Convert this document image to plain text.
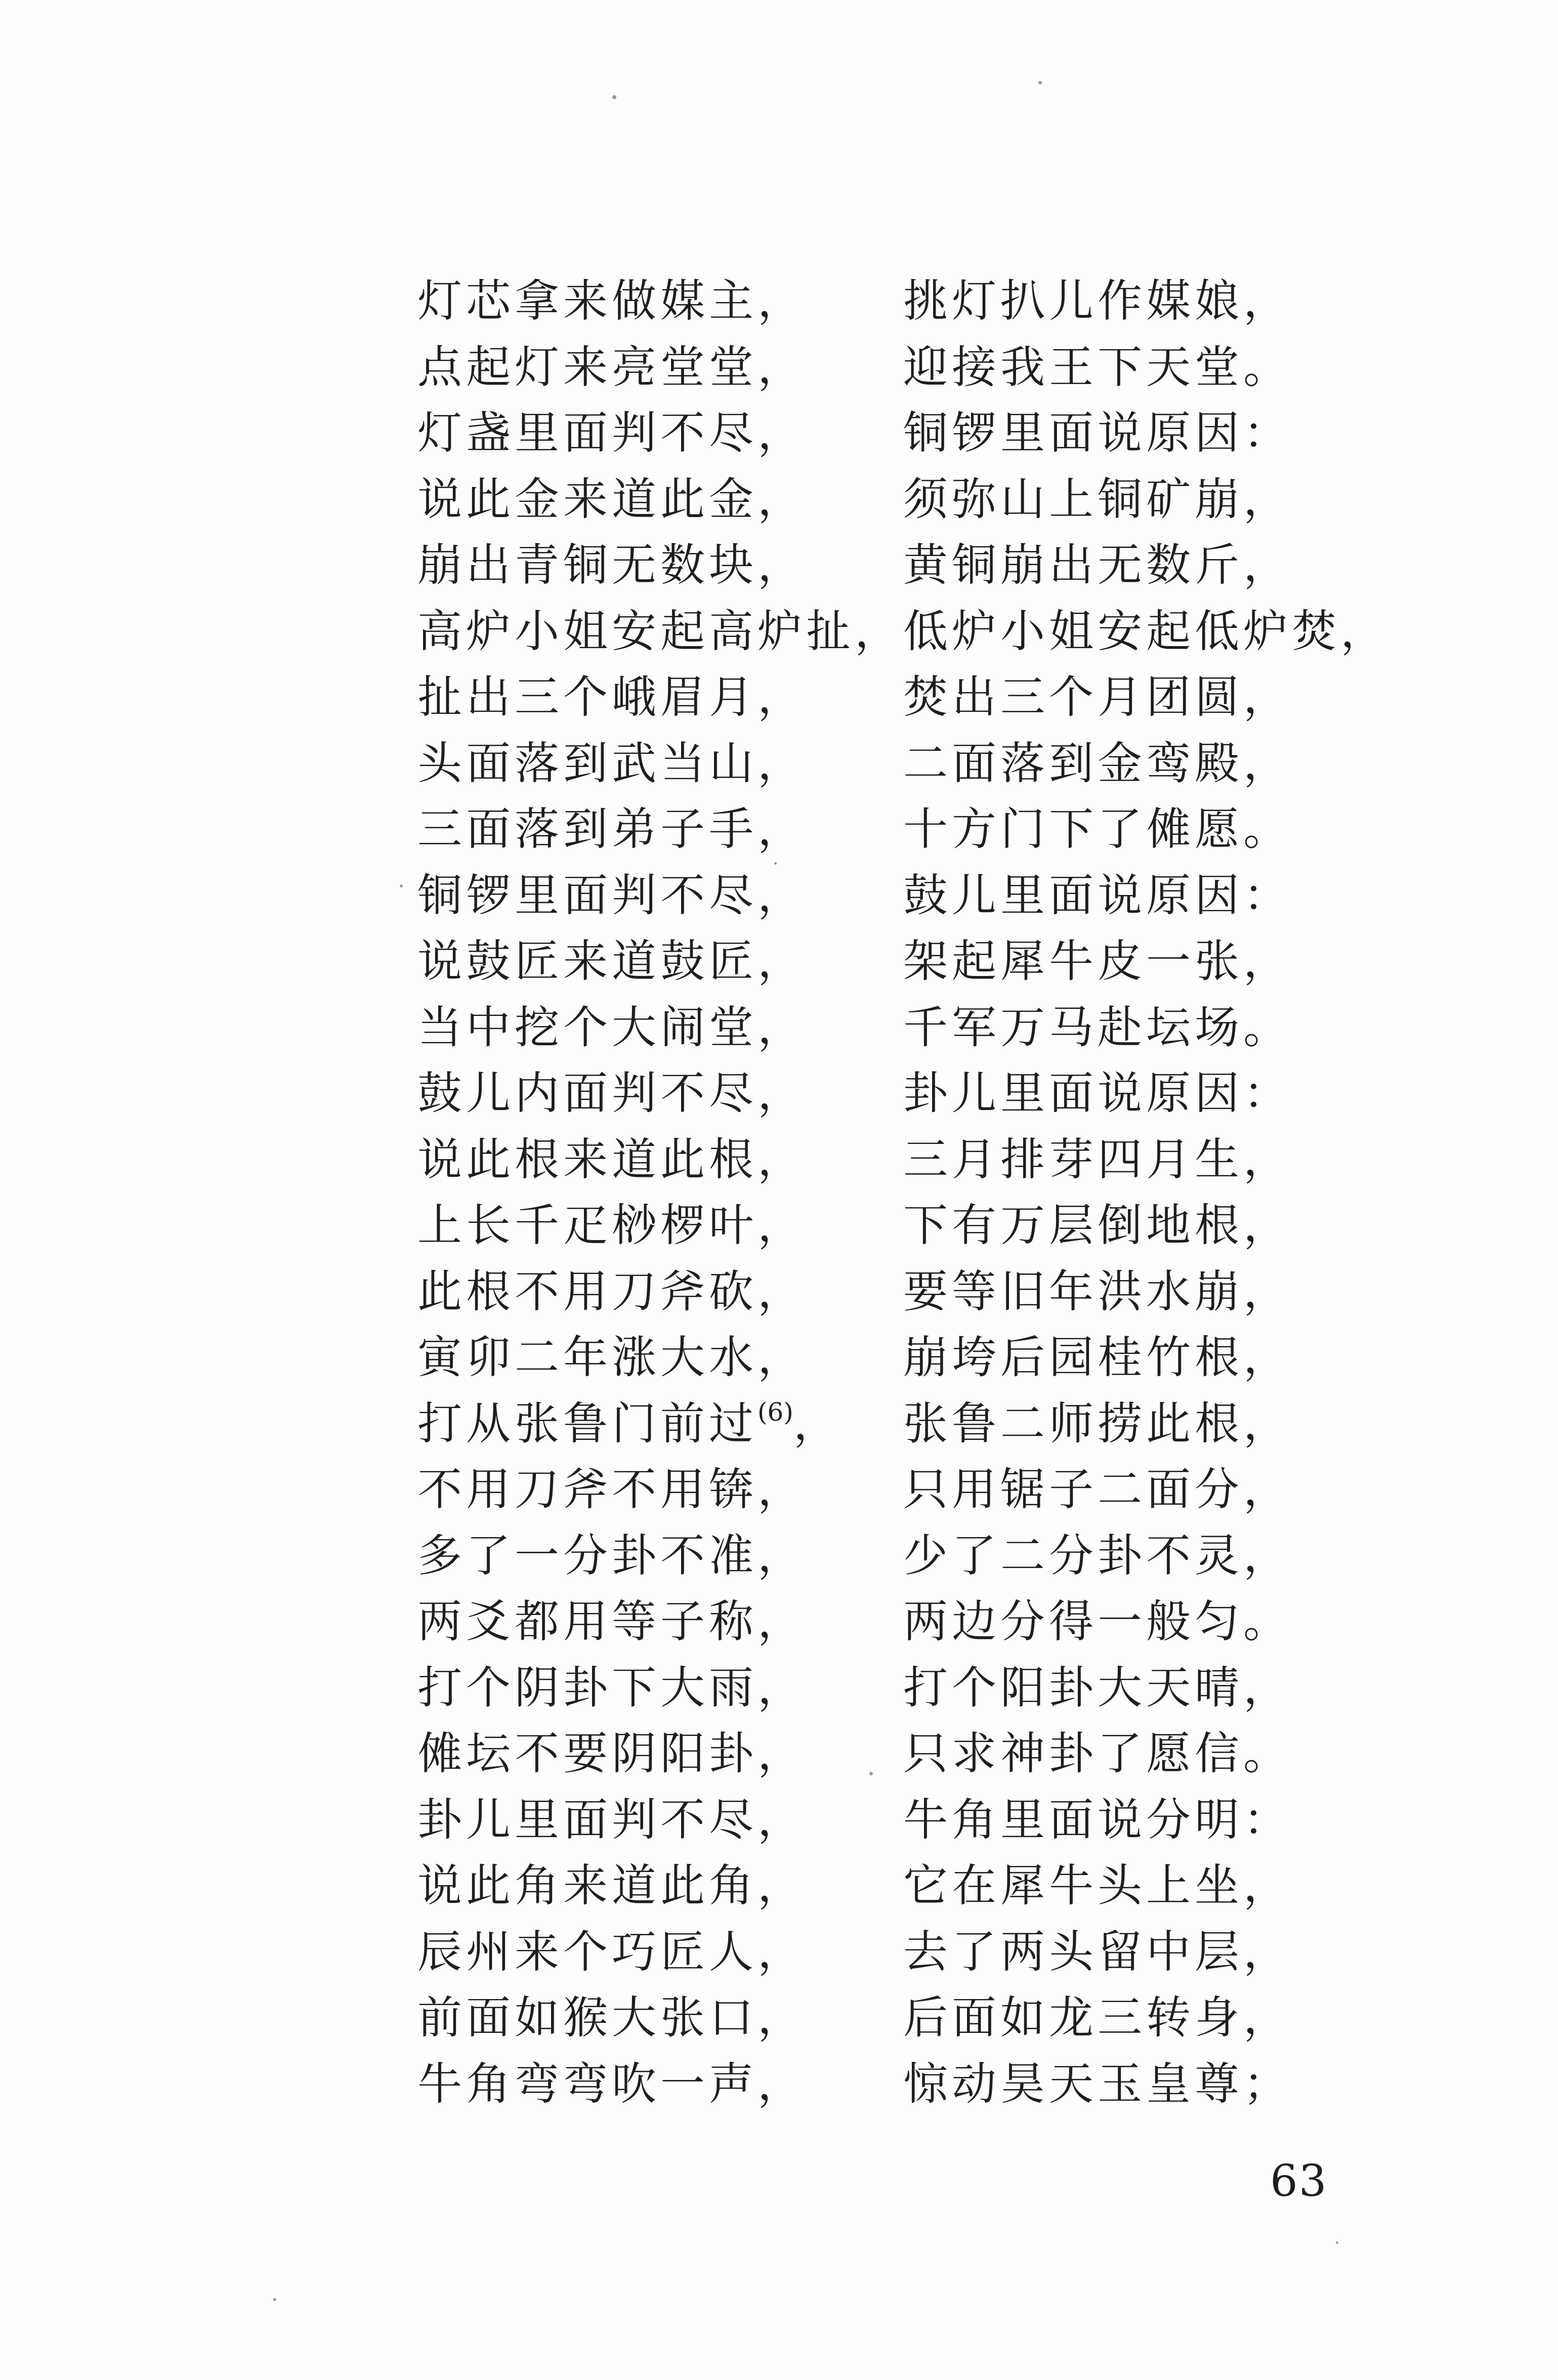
灯芯拿来做媒主，	挑灯扒儿作媒娘，
点起灯来亮堂堂，	迎接我王下天堂。
灯盏里面判不尽，	铜锣里面说原因：
说此金来道此金，	须弥山上铜矿崩，
崩出青铜无数块，	黄铜崩出无数斤，
高炉小姐安起高炉扯， 低炉小姐安起低炉焚，
扯出三个峨眉月，	焚出三个月团圆，
头面落到武当山，	二面落到金鸾殿，
三面落到弟子手，	十方门下了傩愿。
铜锣里面判不尽，	鼓儿里面说原因：
说鼓匠来道鼓匠，	架起犀牛皮一张，
当中挖个大闹堂，	千军万马赴坛场。
鼓儿内面判不尽，	卦儿里面说原因：
说此根来道此根，	三月排芽四月生，
上长千疋桫椤叶，	下有万层倒地根，
此根不用刀斧砍，	要等旧年洪水崩，
寅卯二年涨大水，	崩垮后园桂竹根，
打从张鲁门前过$^{(6)}$，	张鲁二师捞此根，
不用刀斧不用锛，	只用锯子二面分，
多了一分卦不准，	少了二分卦不灵，
两爻都用等子称，	两边分得一般匀。
打个阴卦下大雨，	打个阳卦大天晴，
傩坛不要阴阳卦，	只求神卦了愿信。
卦儿里面判不尽，	牛角里面说分明：
说此角来道此角，	它在犀牛头上坐，
辰州来个巧匠人，	去了两头留中层，
前面如猴大张口，	后面如龙三转身，
牛角弯弯吹一声，	惊动昊天玉皇尊；
63
